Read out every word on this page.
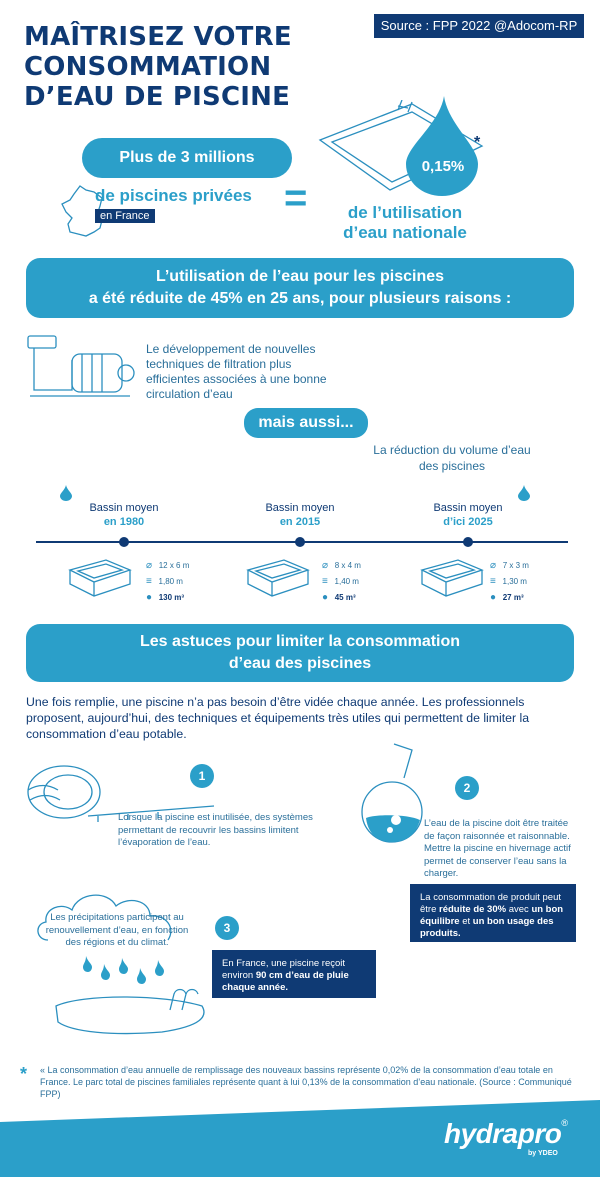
MAÎTRISEZ VOTRE
CONSOMMATION
D’EAU DE PISCINE
Source : FPP 2022 @Adocom-RP
Plus de 3 millions
de piscines privées
en France	=
0,15%
*
de l’utilisation
d’eau nationale
L’utilisation de l’eau pour les piscines
a été réduite de 45% en 25 ans, pour plusieurs raisons :
Le développement de nouvelles
techniques de filtration plus
efficientes associées à une bonne
circulation d’eau
mais aussi...
La réduction du volume d’eau
des piscines
Bassin moyen
en 1980
Bassin moyen
en 2015
Bassin moyen
d’ici 2025
⌀ 12 x 6 m
≡ 1,80 m
● 130 m³
⌀ 8 x 4 m
≡ 1,40 m
● 45 m³
⌀ 7 x 3 m
≡ 1,30 m
● 27 m³
Les astuces pour limiter la consommation
d’eau des piscines
Une fois remplie, une piscine n’a pas besoin d’être vidée chaque année. Les professionnels proposent, aujourd’hui, des techniques et équipements très utiles qui permettent de limiter la consommation d’eau potable.
1
Lorsque la piscine est inutilisée, des systèmes
permettant de recouvrir les bassins limitent
l’évaporation de l’eau.
2
L’eau de la piscine doit être traitée
de façon raisonnée et raisonnable.
Mettre la piscine en hivernage actif
permet de conserver l’eau sans la
charger.
La consommation de produit peut être réduite de 30% avec un bon équilibre et un bon usage des produits.
Les précipitations participent au
renouvellement d’eau, en fonction
des régions et du climat.
3
En France, une piscine reçoit environ 90 cm d’eau de pluie chaque année.
* « La consommation d’eau annuelle de remplissage des nouveaux bassins représente 0,02% de la consommation d’eau totale en France. Le parc total de piscines familiales représente quant à lui 0,13% de la consommation d’eau nationale. (Source : Communiqué FPP)
hydrapro®
by YDEO
